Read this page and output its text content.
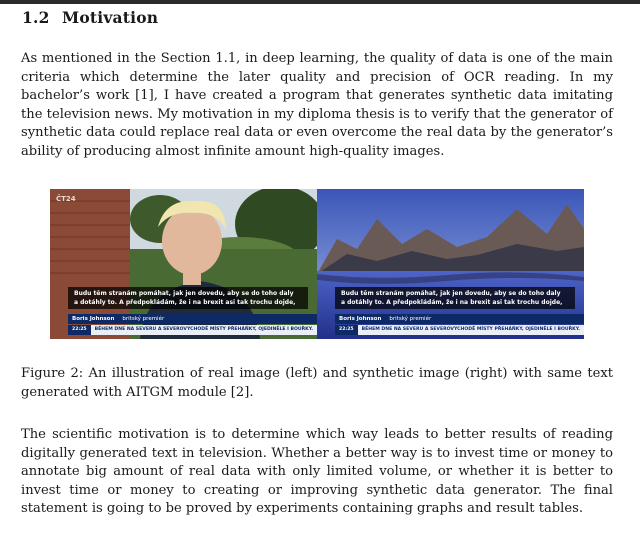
1.2 Motivation
As mentioned in the Section 1.1, in deep learning, the quality of data is one of the main criteria which determine the later quality and precision of OCR reading. In my bachelor’s work [1], I have created a program that generates synthetic data imitating the television news. My motivation in my diploma thesis is to verify that the generator of synthetic data could replace real data or even overcome the real data by the generator’s ability of producing almost infinite amount high-quality images.
ČT24
Budu těm stranám pomáhat, jak jen dovedu, aby se do toho daly
a dotáhly to. A předpokládám, že i na brexit asi tak trochu dojde,
Boris Johnson britský premiér
22:25 BĚHEM DNE NA SEVERU A SEVEROVÝCHODĚ MÍSTY PŘEHÁŇKY, OJEDINĚLE I BOUŘKY.
Budu těm stranám pomáhat, jak jen dovedu, aby se do toho daly
a dotáhly to. A předpokládám, že i na brexit asi tak trochu dojde,
Boris Johnson britský premiér
22:25 BĚHEM DNE NA SEVERU A SEVEROVÝCHODĚ MÍSTY PŘEHÁŇKY, OJEDINĚLE I BOUŘKY.
Figure 2: An illustration of real image (left) and synthetic image (right) with same text generated with AITGM module [2].
The scientific motivation is to determine which way leads to better results of reading digitally generated text in television. Whether a better way is to invest time or money to annotate big amount of real data with only limited volume, or whether it is better to invest time or money to creating or improving synthetic data generator. The final statement is going to be proved by experiments containing graphs and result tables.
